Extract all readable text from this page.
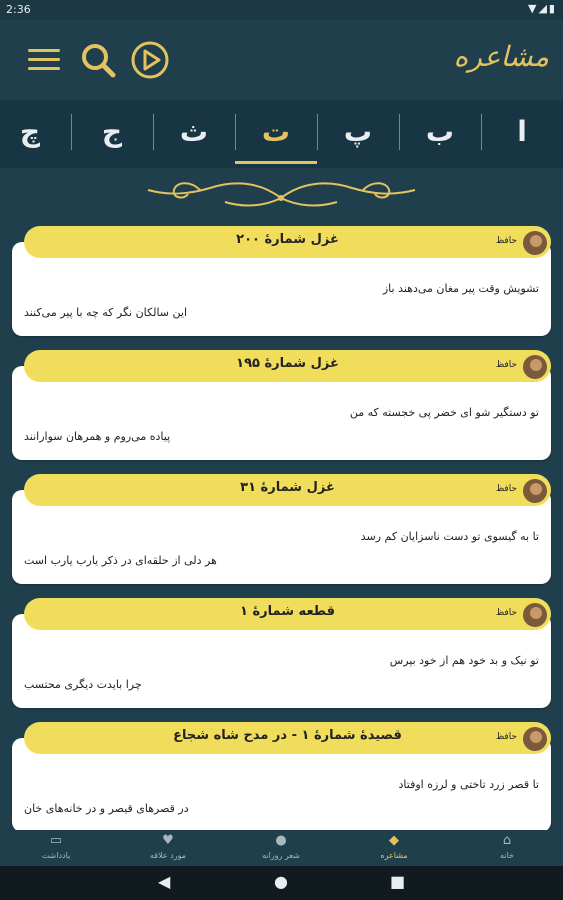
2:36	▼◢▮
مشاعره
ا
ب
پ
ت
ث
ج
چ
غزل شمارهٔ ۲۰۰	حافظ
تشویش وقت پیر مغان می‌دهند باز
این سالکان نگر که چه با پیر می‌کنند
غزل شمارهٔ ۱۹۵	حافظ
تو دستگیر شو ای خضر پی خجسته که من
پیاده می‌روم و همرهان سوارانند
غزل شمارهٔ ۳۱	حافظ
تا به گیسوی تو دست ناسزایان کم رسد
هر دلی از حلقه‌ای در ذکر یارب یارب است
قطعه شمارهٔ ۱	حافظ
تو نیک و بد خود هم از خود بپرس
چرا بایدت دیگری محتسب
قصیدهٔ شمارهٔ ۱ - در مدح شاه شجاع	حافظ
تا قصر زرد تاختی و لرزه اوفتاد
در قصرهای قیصر و در خانه‌های خان
▭
یادداشت
♥
مورد علاقه
●
شعر روزانه
◆
مشاعره
⌂
خانه
◀	●	■
